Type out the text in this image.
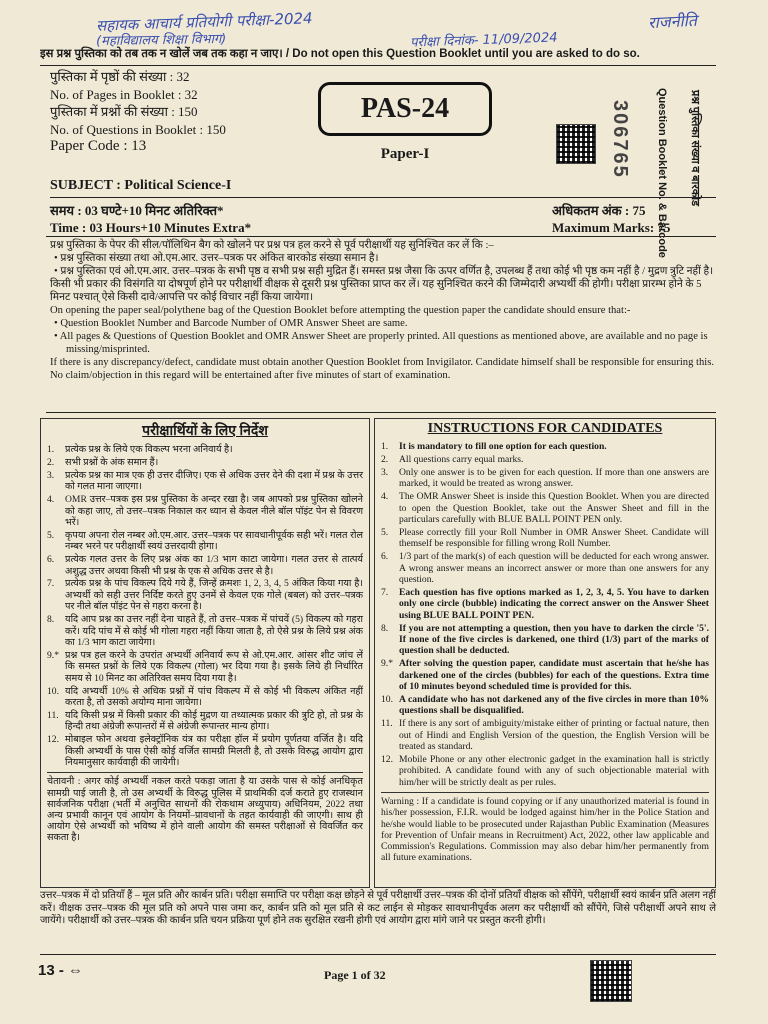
सहायक आचार्य प्रतियोगी परीक्षा-2024
(महाविद्यालय शिक्षा विभाग)	परीक्षा दिनांक- 11/09/2024
राजनीति
इस प्रश्न पुस्तिका को तब तक न खोलें जब तक कहा न जाए। / Do not open this Question Booklet until you are asked to do so.
पुस्तिका में पृष्ठों की संख्या : 32
No. of Pages in Booklet : 32
पुस्तिका में प्रश्नों की संख्या : 150
No. of Questions in Booklet : 150
Paper Code : 13
PAS-24
Paper-I	306765 Question Booklet No. & Barcode प्रश्न पुस्तिका संख्या व बारकोड
SUBJECT : Political Science-I
समय : 03 घण्टे+10 मिनट अतिरिक्त*
Time : 03 Hours+10 Minutes Extra*
अधिकतम अंक : 75
Maximum Marks: 75

प्रश्न पुस्तिका के पेपर की सील/पॉलिथिन बैग को खोलने पर प्रश्न पत्र हल करने से पूर्व परीक्षार्थी यह सुनिश्चित कर लें कि :–

• प्रश्न पुस्तिका संख्या तथा ओ.एम.आर. उत्तर–पत्रक पर अंकित बारकोड संख्या समान है।

• प्रश्न पुस्तिका एवं ओ.एम.आर. उत्तर–पत्रक के सभी पृष्ठ व सभी प्रश्न सही मुद्रित हैं। समस्त प्रश्न जैसा कि ऊपर वर्णित है, उपलब्ध हैं तथा कोई भी पृष्ठ कम नहीं है / मुद्रण त्रुटि नहीं है।

किसी भी प्रकार की विसंगति या दोषपूर्ण होने पर परीक्षार्थी वीक्षक से दूसरी प्रश्न पुस्तिका प्राप्त कर लें। यह सुनिश्चित करने की जिम्मेदारी अभ्यर्थी की होगी। परीक्षा प्रारम्भ होने के 5 मिनट पश्चात् ऐसे किसी दावे/आपत्ति पर कोई विचार नहीं किया जायेगा।

On opening the paper seal/polythene bag of the Question Booklet before attempting the question paper the candidate should ensure that:-

• Question Booklet Number and Barcode Number of OMR Answer Sheet are same.

• All pages & Questions of Question Booklet and OMR Answer Sheet are properly printed. All questions as mentioned above, are available and no page is missing/misprinted.

If there is any discrepancy/defect, candidate must obtain another Question Booklet from Invigilator. Candidate himself shall be responsible for ensuring this. No claim/objection in this regard will be entertained after five minutes of start of examination.

परीक्षार्थियों के लिए निर्देश
1.	प्रत्येक प्रश्न के लिये एक विकल्प भरना अनिवार्य है।
2.	सभी प्रश्नों के अंक समान हैं।
3.	प्रत्येक प्रश्न का मात्र एक ही उत्तर दीजिए। एक से अधिक उत्तर देने की दशा में प्रश्न के उत्तर को गलत माना जाएगा।
4.	OMR उत्तर–पत्रक इस प्रश्न पुस्तिका के अन्दर रखा है। जब आपको प्रश्न पुस्तिका खोलने को कहा जाए, तो उत्तर–पत्रक निकाल कर ध्यान से केवल नीले बॉल पॉइंट पेन से विवरण भरें।
5.	कृपया अपना रोल नम्बर ओ.एम.आर. उत्तर–पत्रक पर सावधानीपूर्वक सही भरें। गलत रोल नम्बर भरने पर परीक्षार्थी स्वयं उत्तरदायी होगा।
6.	प्रत्येक गलत उत्तर के लिए प्रश्न अंक का 1/3 भाग काटा जायेगा। गलत उत्तर से तात्पर्य अशुद्ध उत्तर अथवा किसी भी प्रश्न के एक से अधिक उत्तर से है।
7.	प्रत्येक प्रश्न के पांच विकल्प दिये गये हैं, जिन्हें क्रमशः 1, 2, 3, 4, 5 अंकित किया गया है। अभ्यर्थी को सही उत्तर निर्दिष्ट करते हुए उनमें से केवल एक गोले (बबल) को उत्तर–पत्रक पर नीले बॉल पॉइंट पेन से गहरा करना है।
8.	यदि आप प्रश्न का उत्तर नहीं देना चाहते हैं, तो उत्तर–पत्रक में पांचवें (5) विकल्प को गहरा करें। यदि पांच में से कोई भी गोला गहरा नहीं किया जाता है, तो ऐसे प्रश्न के लिये प्रश्न अंक का 1/3 भाग काटा जायेगा।
9.* प्रश्न पत्र हल करने के उपरांत अभ्यर्थी अनिवार्य रूप से ओ.एम.आर. आंसर शीट जांच लें कि समस्त प्रश्नों के लिये एक विकल्प (गोला) भर दिया गया है। इसके लिये ही निर्धारित समय से 10 मिनट का अतिरिक्त समय दिया गया है।
10. यदि अभ्यर्थी 10% से अधिक प्रश्नों में पांच विकल्प में से कोई भी विकल्प अंकित नहीं करता है, तो उसको अयोग्य माना जायेगा।
11. यदि किसी प्रश्न में किसी प्रकार की कोई मुद्रण या तथ्यात्मक प्रकार की त्रुटि हो, तो प्रश्न के हिन्दी तथा अंग्रेजी रूपान्तरों में से अंग्रेजी रूपान्तर मान्य होगा।
12. मोबाइल फोन अथवा इलेक्ट्रॉनिक यंत्र का परीक्षा हॉल में प्रयोग पूर्णतया वर्जित है। यदि किसी अभ्यर्थी के पास ऐसी कोई वर्जित सामग्री मिलती है, तो उसके विरुद्ध आयोग द्वारा नियमानुसार कार्यवाही की जायेगी।
चेतावनी : अगर कोई अभ्यर्थी नकल करते पकड़ा जाता है या उसके पास से कोई अनधिकृत सामग्री पाई जाती है, तो उस अभ्यर्थी के विरुद्ध पुलिस में प्राथमिकी दर्ज कराते हुए राजस्थान सार्वजनिक परीक्षा (भर्ती में अनुचित साधनों की रोकथाम अध्युपाय) अधिनियम, 2022 तथा अन्य प्रभावी कानून एवं आयोग के नियमों–प्रावधानों के तहत कार्यवाही की जाएगी। साथ ही आयोग ऐसे अभ्यर्थी को भविष्य में होने वाली आयोग की समस्त परीक्षाओं से विवर्जित कर सकता है।
INSTRUCTIONS FOR CANDIDATES
1.	It is mandatory to fill one option for each question.
2.	All questions carry equal marks.
3.	Only one answer is to be given for each question. If more than one answers are marked, it would be treated as wrong answer.
4.	The OMR Answer Sheet is inside this Question Booklet. When you are directed to open the Question Booklet, take out the Answer Sheet and fill in the particulars carefully with BLUE BALL POINT PEN only.
5.	Please correctly fill your Roll Number in OMR Answer Sheet. Candidate will themself be responsible for filling wrong Roll Number.
6.	1/3 part of the mark(s) of each question will be deducted for each wrong answer. A wrong answer means an incorrect answer or more than one answers for any question.
7.	Each question has five options marked as 1, 2, 3, 4, 5. You have to darken only one circle (bubble) indicating the correct answer on the Answer Sheet using BLUE BALL POINT PEN.
8.	If you are not attempting a question, then you have to darken the circle '5'. If none of the five circles is darkened, one third (1/3) part of the marks of question shall be deducted.
9.* After solving the question paper, candidate must ascertain that he/she has darkened one of the circles (bubbles) for each of the questions. Extra time of 10 minutes beyond scheduled time is provided for this.
10. A candidate who has not darkened any of the five circles in more than 10% questions shall be disqualified.
11. If there is any sort of ambiguity/mistake either of printing or factual nature, then out of Hindi and English Version of the question, the English Version will be treated as standard.
12. Mobile Phone or any other electronic gadget in the examination hall is strictly prohibited. A candidate found with any of such objectionable material with him/her will be strictly dealt as per rules.
Warning : If a candidate is found copying or if any unauthorized material is found in his/her possession, F.I.R. would be lodged against him/her in the Police Station and he/she would liable to be prosecuted under Rajasthan Public Examination (Measures for Prevention of Unfair means in Recruitment) Act, 2022, other law applicable and Commission's Regulations. Commission may also debar him/her permanently from all future examinations.
उत्तर–पत्रक में दो प्रतियाँ हैं – मूल प्रति और कार्बन प्रति। परीक्षा समाप्ति पर परीक्षा कक्ष छोड़ने से पूर्व परीक्षार्थी उत्तर–पत्रक की दोनों प्रतियाँ वीक्षक को सौंपेंगे, परीक्षार्थी स्वयं कार्बन प्रति अलग नहीं करें। वीक्षक उत्तर–पत्रक की मूल प्रति को अपने पास जमा कर, कार्बन प्रति को मूल प्रति से कट लाईन से मोड़कर सावधानीपूर्वक अलग कर परीक्षार्थी को सौंपेंगे, जिसे परीक्षार्थी अपने साथ ले जायेंगे। परीक्षार्थी को उत्तर–पत्रक की कार्बन प्रति चयन प्रक्रिया पूर्ण होने तक सुरक्षित रखनी होगी एवं आयोग द्वारा मांगे जाने पर प्रस्तुत करनी होगी।
13 - ⇔	Page 1 of 32
